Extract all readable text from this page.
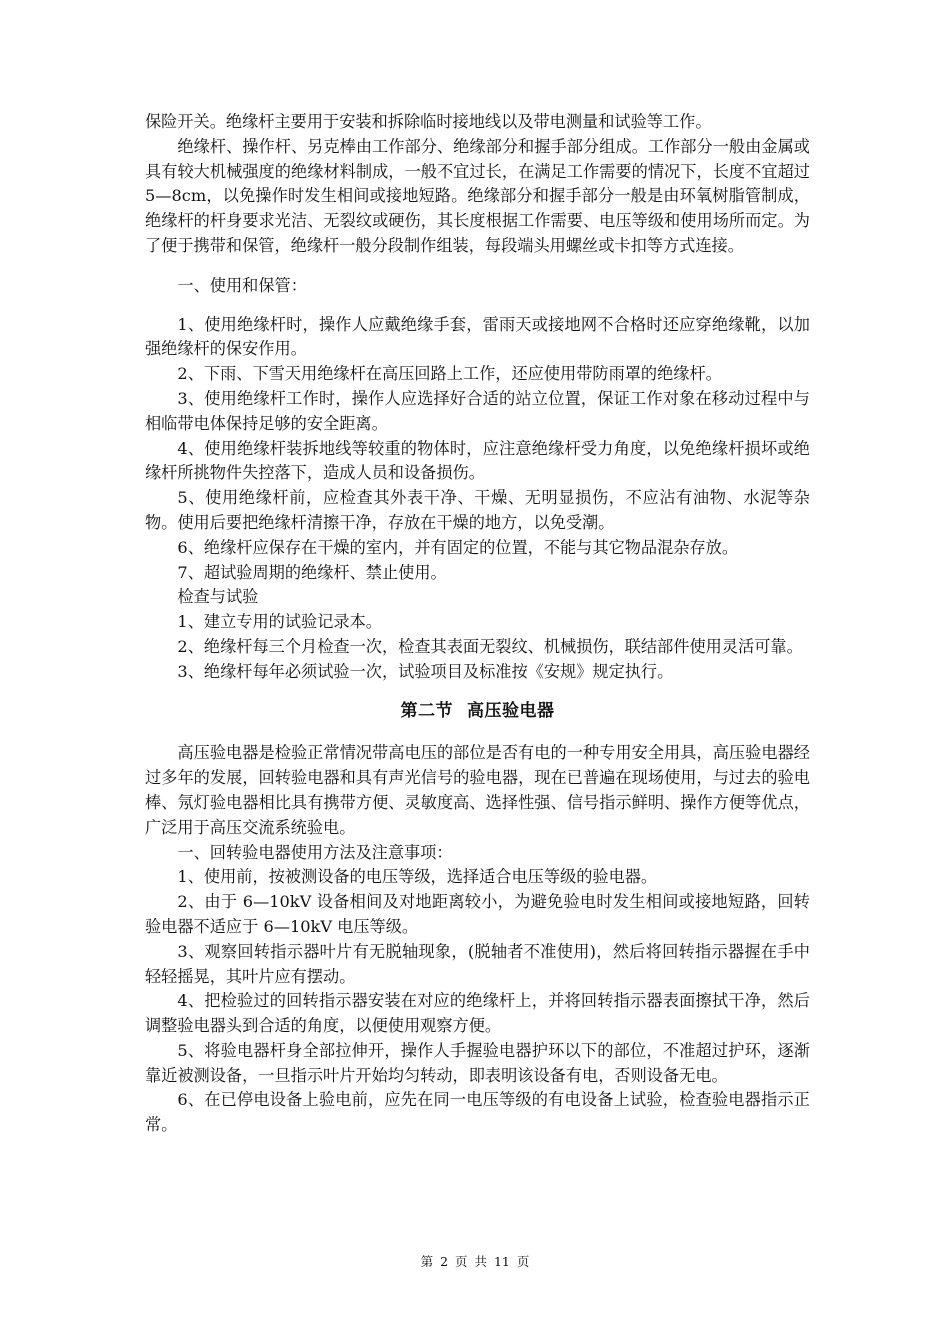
保险开关。绝缘杆主要用于安装和拆除临时接地线以及带电测量和试验等工作。

绝缘杆、操作杆、另克棒由工作部分、绝缘部分和握手部分组成。工作部分一般由金属或具有较大机械强度的绝缘材料制成，一般不宜过长，在满足工作需要的情况下，长度不宜超过 5—8cm，以免操作时发生相间或接地短路。绝缘部分和握手部分一般是由环氧树脂管制成，绝缘杆的杆身要求光洁、无裂纹或硬伤，其长度根据工作需要、电压等级和使用场所而定。为了便于携带和保管，绝缘杆一般分段制作组装，每段端头用螺丝或卡扣等方式连接。

一、使用和保管：

1、使用绝缘杆时，操作人应戴绝缘手套，雷雨天或接地网不合格时还应穿绝缘靴，以加强绝缘杆的保安作用。

2、下雨、下雪天用绝缘杆在高压回路上工作，还应使用带防雨罩的绝缘杆。

3、使用绝缘杆工作时，操作人应选择好合适的站立位置，保证工作对象在移动过程中与相临带电体保持足够的安全距离。

4、使用绝缘杆装拆地线等较重的物体时，应注意绝缘杆受力角度，以免绝缘杆损坏或绝缘杆所挑物件失控落下，造成人员和设备损伤。

5、使用绝缘杆前，应检查其外表干净、干燥、无明显损伤，不应沾有油物、水泥等杂物。使用后要把绝缘杆清擦干净，存放在干燥的地方，以免受潮。

6、绝缘杆应保存在干燥的室内，并有固定的位置，不能与其它物品混杂存放。

7、超试验周期的绝缘杆、禁止使用。

检查与试验

1、建立专用的试验记录本。

2、绝缘杆每三个月检查一次，检查其表面无裂纹、机械损伤，联结部件使用灵活可靠。

3、绝缘杆每年必须试验一次，试验项目及标准按《安规》规定执行。

第二节 高压验电器

高压验电器是检验正常情况带高电压的部位是否有电的一种专用安全用具，高压验电器经过多年的发展，回转验电器和具有声光信号的验电器，现在已普遍在现场使用，与过去的验电棒、氖灯验电器相比具有携带方便、灵敏度高、选择性强、信号指示鲜明、操作方便等优点，广泛用于高压交流系统验电。

一、回转验电器使用方法及注意事项：

1、使用前，按被测设备的电压等级，选择适合电压等级的验电器。

2、由于 6—10kV 设备相间及对地距离较小，为避免验电时发生相间或接地短路，回转验电器不适应于 6—10kV 电压等级。

3、观察回转指示器叶片有无脱轴现象，(脱轴者不准使用)，然后将回转指示器握在手中轻轻摇晃，其叶片应有摆动。

4、把检验过的回转指示器安装在对应的绝缘杆上，并将回转指示器表面擦拭干净，然后调整验电器头到合适的角度，以便使用观察方便。

5、将验电器杆身全部拉伸开，操作人手握验电器护环以下的部位，不准超过护环，逐渐靠近被测设备，一旦指示叶片开始均匀转动，即表明该设备有电，否则设备无电。

6、在已停电设备上验电前，应先在同一电压等级的有电设备上试验，检查验电器指示正常。

第 2 页 共 11 页
